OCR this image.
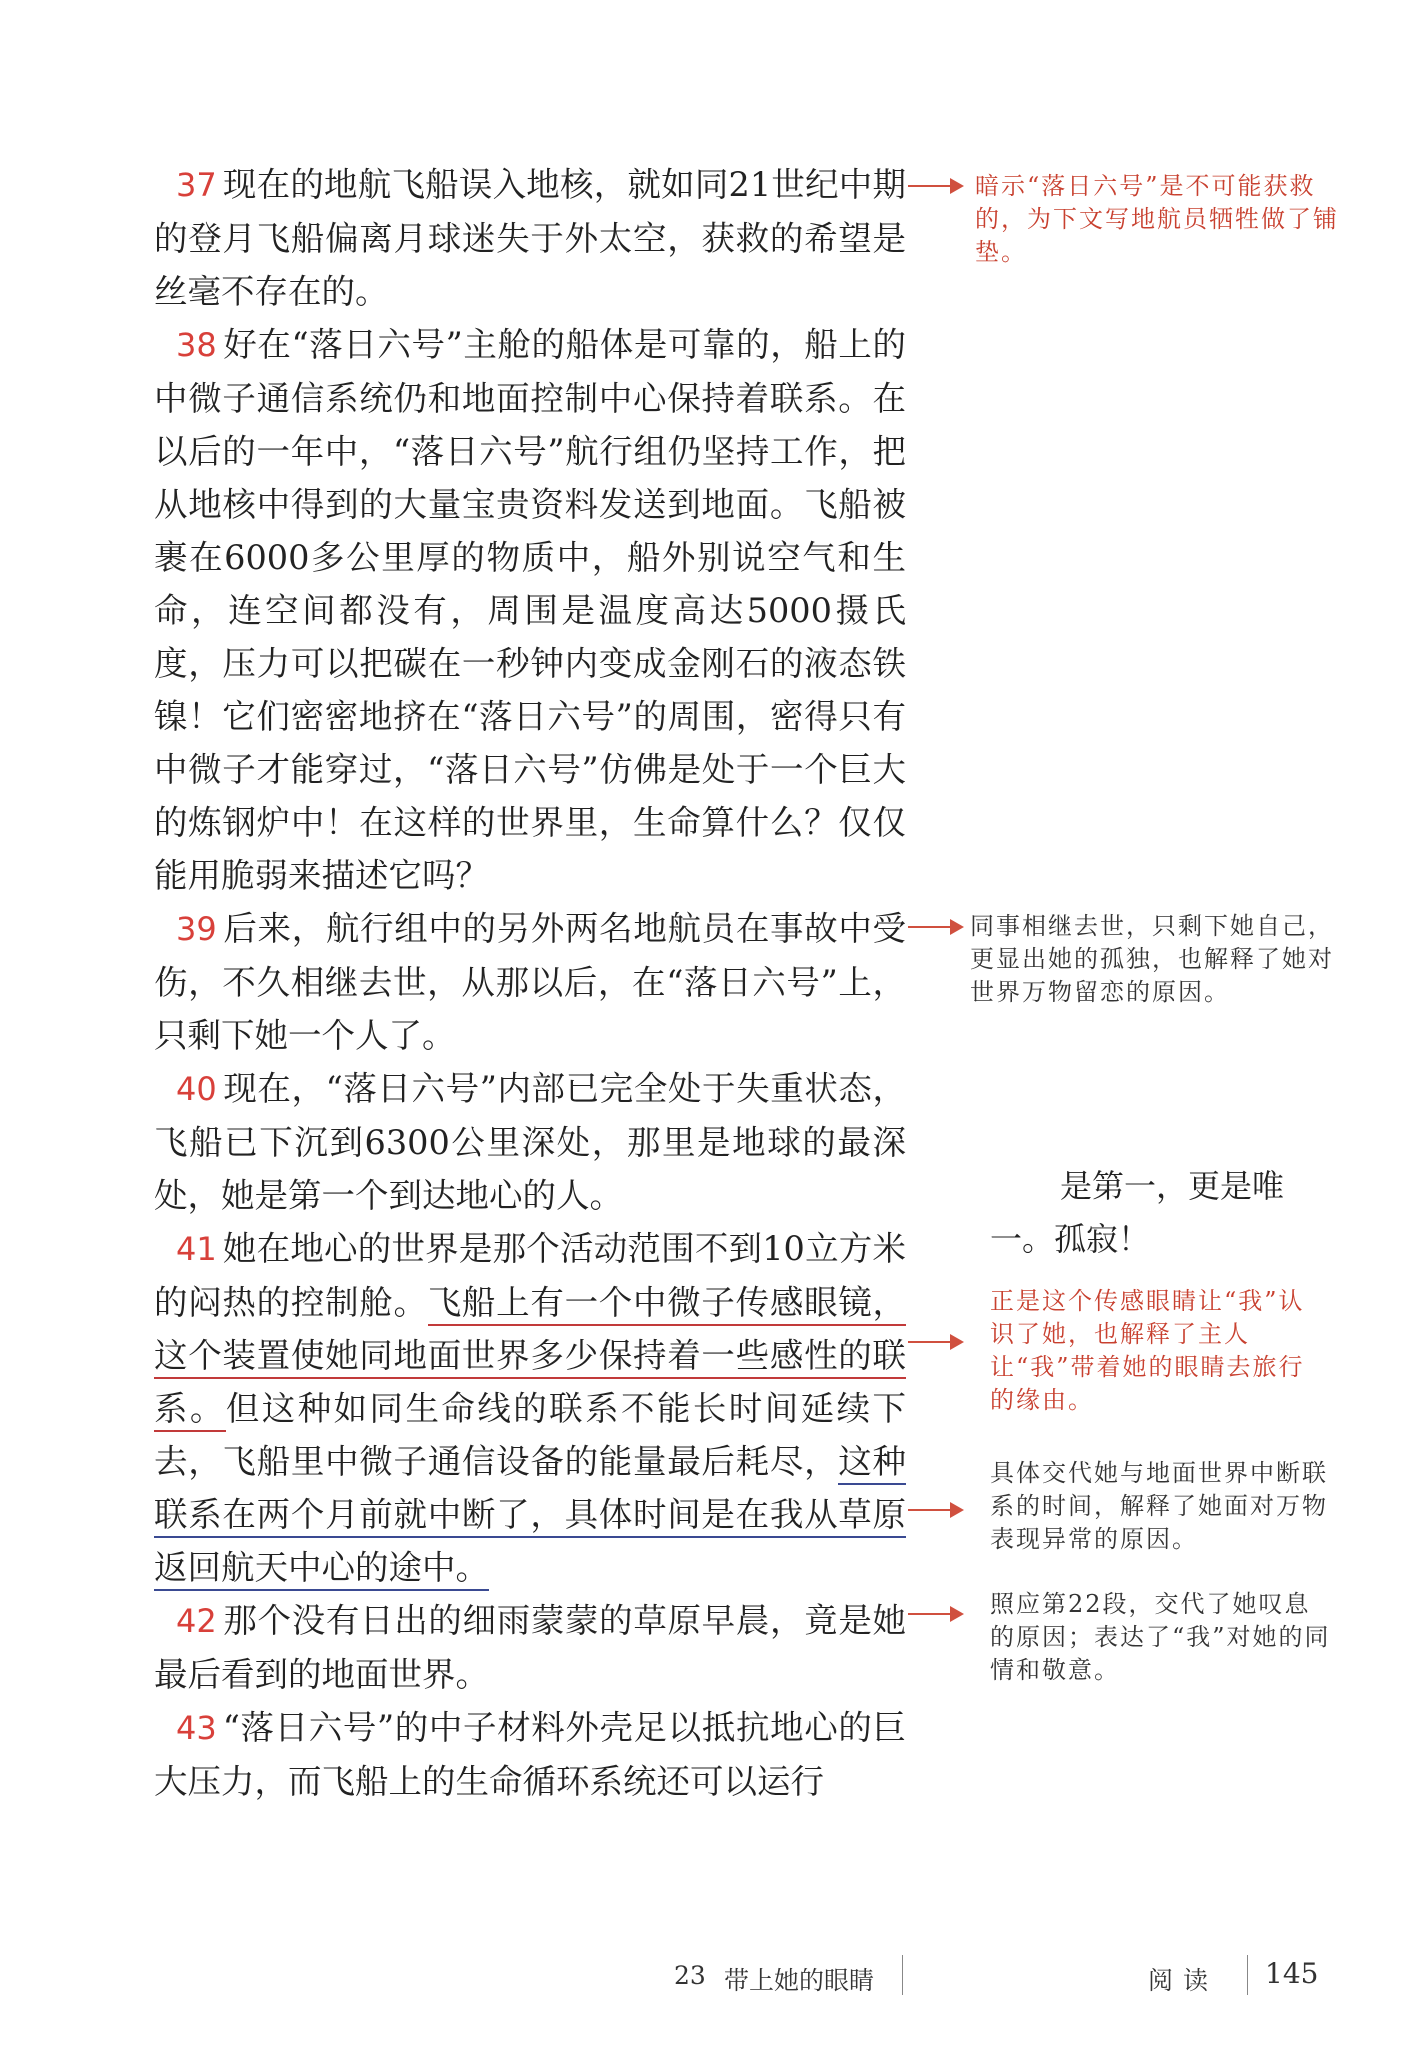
37 现在的地航飞船误入地核，就如同21世纪中期的登月飞船偏离月球迷失于外太空，获救的希望是丝毫不存在的。

38 好在“落日六号”主舱的船体是可靠的，船上的中微子通信系统仍和地面控制中心保持着联系。在以后的一年中，“落日六号”航行组仍坚持工作，把从地核中得到的大量宝贵资料发送到地面。飞船被裹在6000多公里厚的物质中，船外别说空气和生命，连空间都没有，周围是温度高达5000摄氏度，压力可以把碳在一秒钟内变成金刚石的液态铁镍！它们密密地挤在“落日六号”的周围，密得只有中微子才能穿过，“落日六号”仿佛是处于一个巨大的炼钢炉中！在这样的世界里，生命算什么？仅仅能用脆弱来描述它吗？

39 后来，航行组中的另外两名地航员在事故中受伤，不久相继去世，从那以后，在“落日六号”上，只剩下她一个人了。

40 现在，“落日六号”内部已完全处于失重状态，飞船已下沉到6300公里深处，那里是地球的最深处，她是第一个到达地心的人。

41 她在地心的世界是那个活动范围不到10立方米的闷热的控制舱。飞船上有一个中微子传感眼镜，这个装置使她同地面世界多少保持着一些感性的联系。但这种如同生命线的联系不能长时间延续下去，飞船里中微子通信设备的能量最后耗尽，这种联系在两个月前就中断了，具体时间是在我从草原返回航天中心的途中。

42 那个没有日出的细雨蒙蒙的草原早晨，竟是她最后看到的地面世界。

43 “落日六号”的中子材料外壳足以抵抗地心的巨大压力，而飞船上的生命循环系统还可以运行

暗示“落日六号”是不可能获救的，为下文写地航员牺牲做了铺垫。
同事相继去世，只剩下她自己，更显出她的孤独，也解释了她对世界万物留恋的原因。
正是这个传感眼睛让“我”认识了她，也解释了主人让“我”带着她的眼睛去旅行的缘由。
具体交代她与地面世界中断联系的时间，解释了她面对万物表现异常的原因。
照应第22段，交代了她叹息的原因；表达了“我”对她的同情和敬意。
是第一，更是唯一。孤寂！
23 带上她的眼睛	阅读 145
